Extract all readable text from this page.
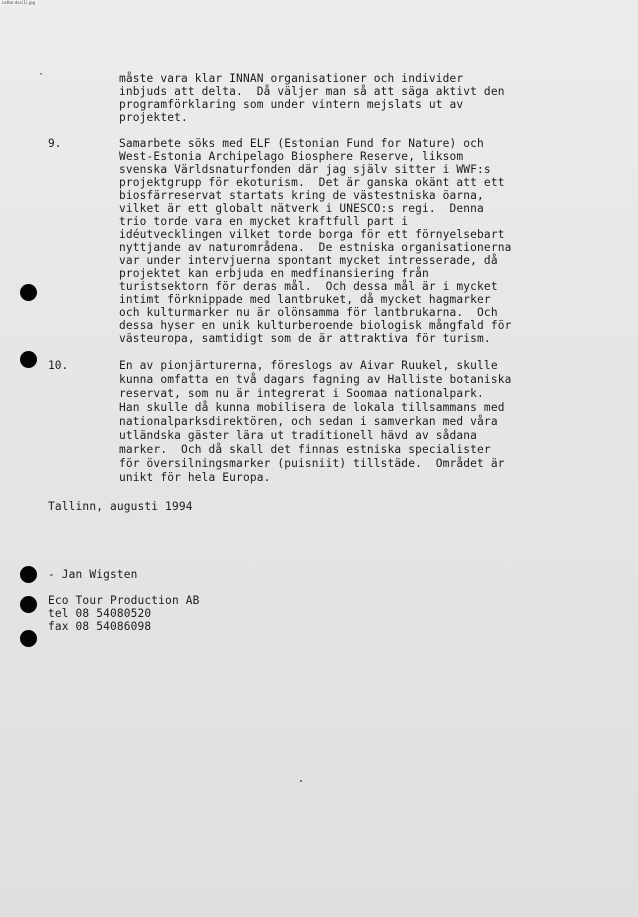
Letter.doc(1).jpg
·	måste vara klar INNAN organisationer och individer
inbjuds att delta.  Då väljer man så att säga aktivt den
programförklaring som under vintern mejslats ut av
projektet.
9.	Samarbete söks med ELF (Estonian Fund for Nature) och
West-Estonia Archipelago Biosphere Reserve, liksom
svenska Världsnaturfonden där jag själv sitter i WWF:s
projektgrupp för ekoturism.  Det är ganska okänt att ett
biosfärreservat startats kring de västestniska öarna,
vilket är ett globalt nätverk i UNESCO:s regi.  Denna
trio torde vara en mycket kraftfull part i
idéutvecklingen vilket torde borga för ett förnyelsebart
nyttjande av naturområdena.  De estniska organisationerna
var under intervjuerna spontant mycket intresserade, då
projektet kan erbjuda en medfinansiering från
turistsektorn för deras mål.  Och dessa mål är i mycket
intimt förknippade med lantbruket, då mycket hagmarker
och kulturmarker nu är olönsamma för lantbrukarna.  Och
dessa hyser en unik kulturberoende biologisk mångfald för
västeuropa, samtidigt som de är attraktiva för turism.
10.	En av pionjärturerna, föreslogs av Aivar Ruukel, skulle
kunna omfatta en två dagars fagning av Halliste botaniska
reservat, som nu är integrerat i Soomaa nationalpark.
Han skulle då kunna mobilisera de lokala tillsammans med
nationalparksdirektören, och sedan i samverkan med våra
utländska gäster lära ut traditionell hävd av sådana
marker.  Och då skall det finnas estniska specialister
för översilningsmarker (puisniit) tillstäde.  Området är
unikt för hela Europa.
Tallinn, augusti 1994
- Jan Wigsten
Eco Tour Production AB
tel 08 54080520
fax 08 54086098
